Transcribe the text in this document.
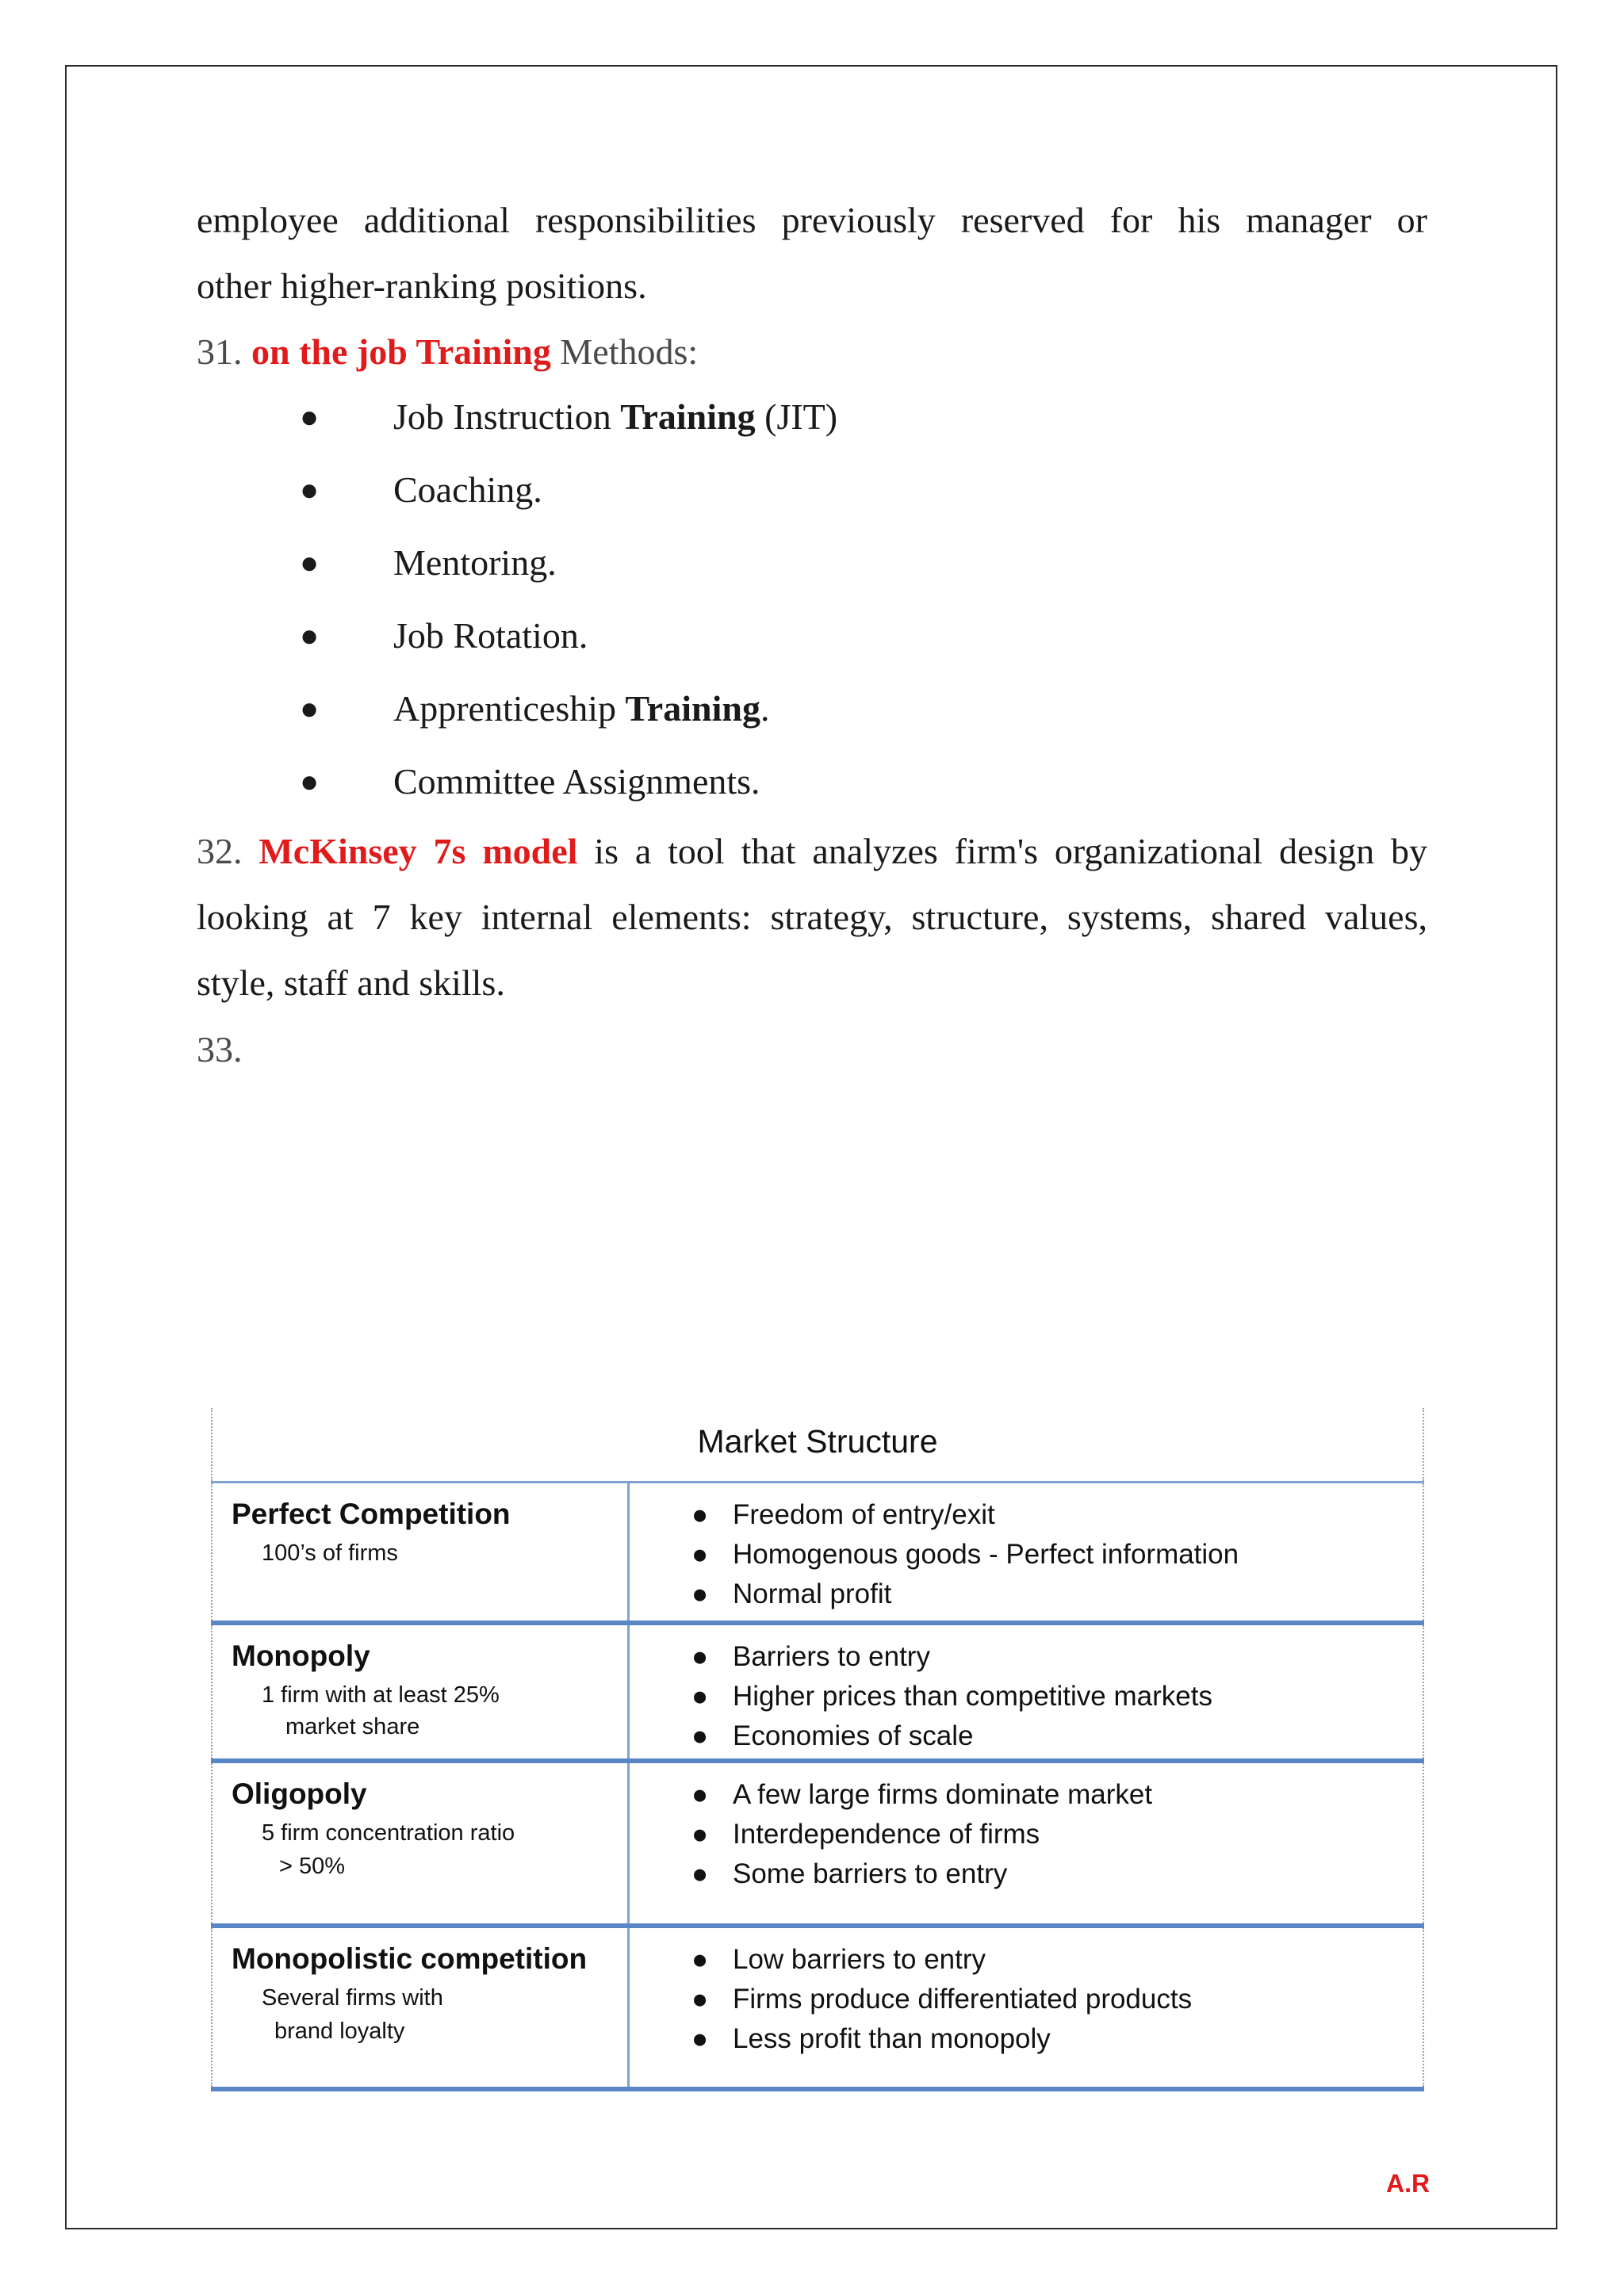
employee additional responsibilities previously reserved for his manager or
other higher-ranking positions.
31. on the job Training Methods:
● Job Instruction Training (JIT)
● Coaching.
● Mentoring.
● Job Rotation.
● Apprenticeship Training.
● Committee Assignments.
32. McKinsey 7s model is a tool that analyzes firm's organizational design by
looking at 7 key internal elements: strategy, structure, systems, shared values,
style, staff and skills.
33.
Market Structure
Perfect Competition
100’s of firms
● Freedom of entry/exit
● Homogenous goods - Perfect information
● Normal profit
Monopoly
1 firm with at least 25%
market share
● Barriers to entry
● Higher prices than competitive markets
● Economies of scale
Oligopoly
5 firm concentration ratio
> 50%
● A few large firms dominate market
● Interdependence of firms
● Some barriers to entry
Monopolistic competition
Several firms with
brand loyalty
● Low barriers to entry
● Firms produce differentiated products
● Less profit than monopoly
A.R
